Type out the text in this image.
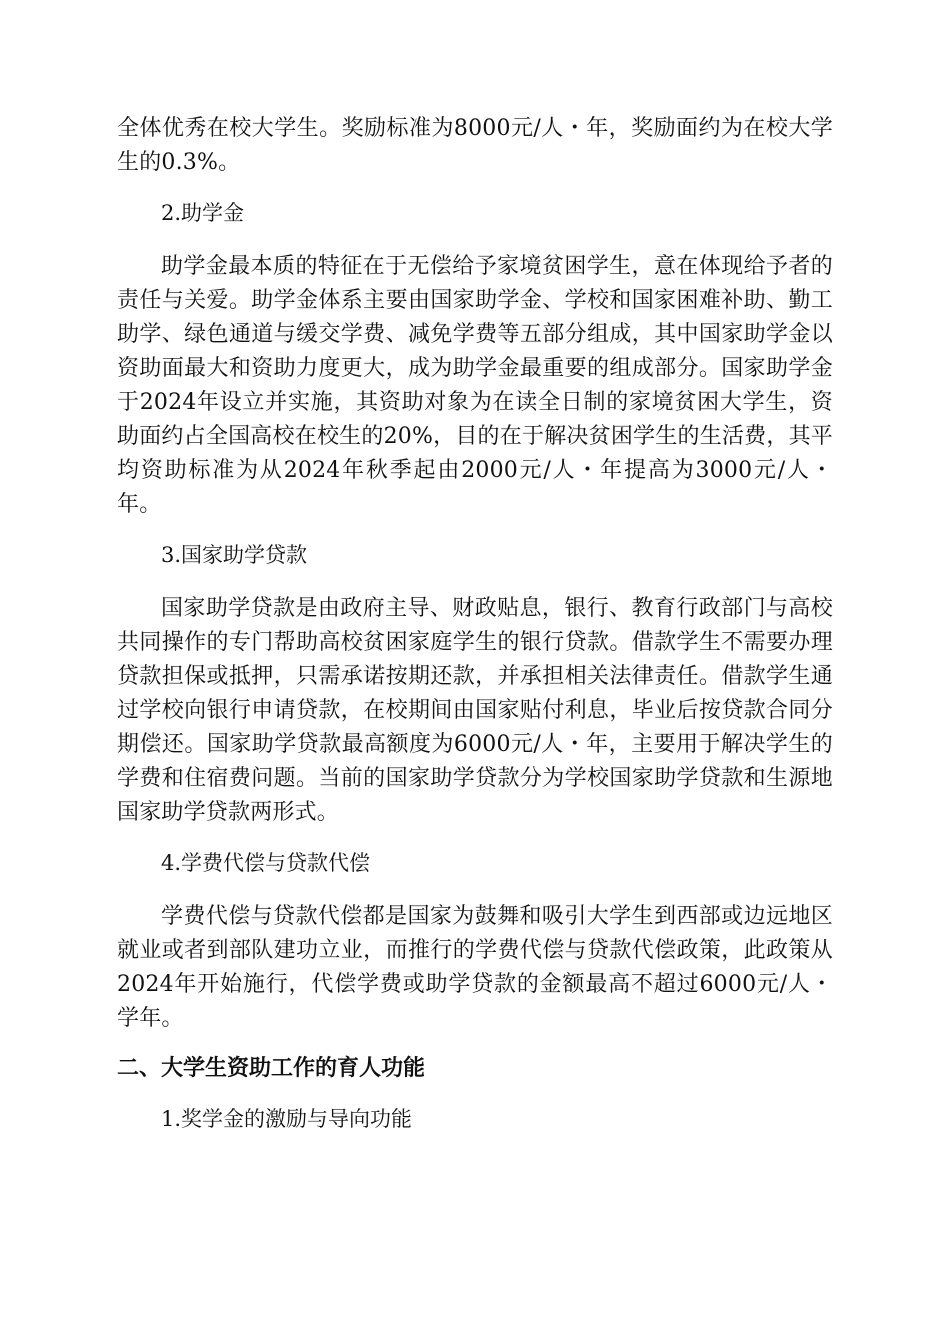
全体优秀在校大学生。奖励标准为8000元/人・年，奖励面约为在校大学生的0.3%。

2.助学金

助学金最本质的特征在于无偿给予家境贫困学生，意在体现给予者的责任与关爱。助学金体系主要由国家助学金、学校和国家困难补助、勤工助学、绿色通道与缓交学费、减免学费等五部分组成，其中国家助学金以资助面最大和资助力度更大，成为助学金最重要的组成部分。国家助学金于2024年设立并实施，其资助对象为在读全日制的家境贫困大学生，资助面约占全国高校在校生的20%，目的在于解决贫困学生的生活费，其平均资助标准为从2024年秋季起由2000元/人・年提高为3000元/人・年。

3.国家助学贷款

国家助学贷款是由政府主导、财政贴息，银行、教育行政部门与高校共同操作的专门帮助高校贫困家庭学生的银行贷款。借款学生不需要办理贷款担保或抵押，只需承诺按期还款，并承担相关法律责任。借款学生通过学校向银行申请贷款，在校期间由国家贴付利息，毕业后按贷款合同分期偿还。国家助学贷款最高额度为6000元/人・年，主要用于解决学生的学费和住宿费问题。当前的国家助学贷款分为学校国家助学贷款和生源地国家助学贷款两形式。

4.学费代偿与贷款代偿

学费代偿与贷款代偿都是国家为鼓舞和吸引大学生到西部或边远地区就业或者到部队建功立业，而推行的学费代偿与贷款代偿政策，此政策从2024年开始施行，代偿学费或助学贷款的金额最高不超过6000元/人・学年。

二、大学生资助工作的育人功能

1.奖学金的激励与导向功能
